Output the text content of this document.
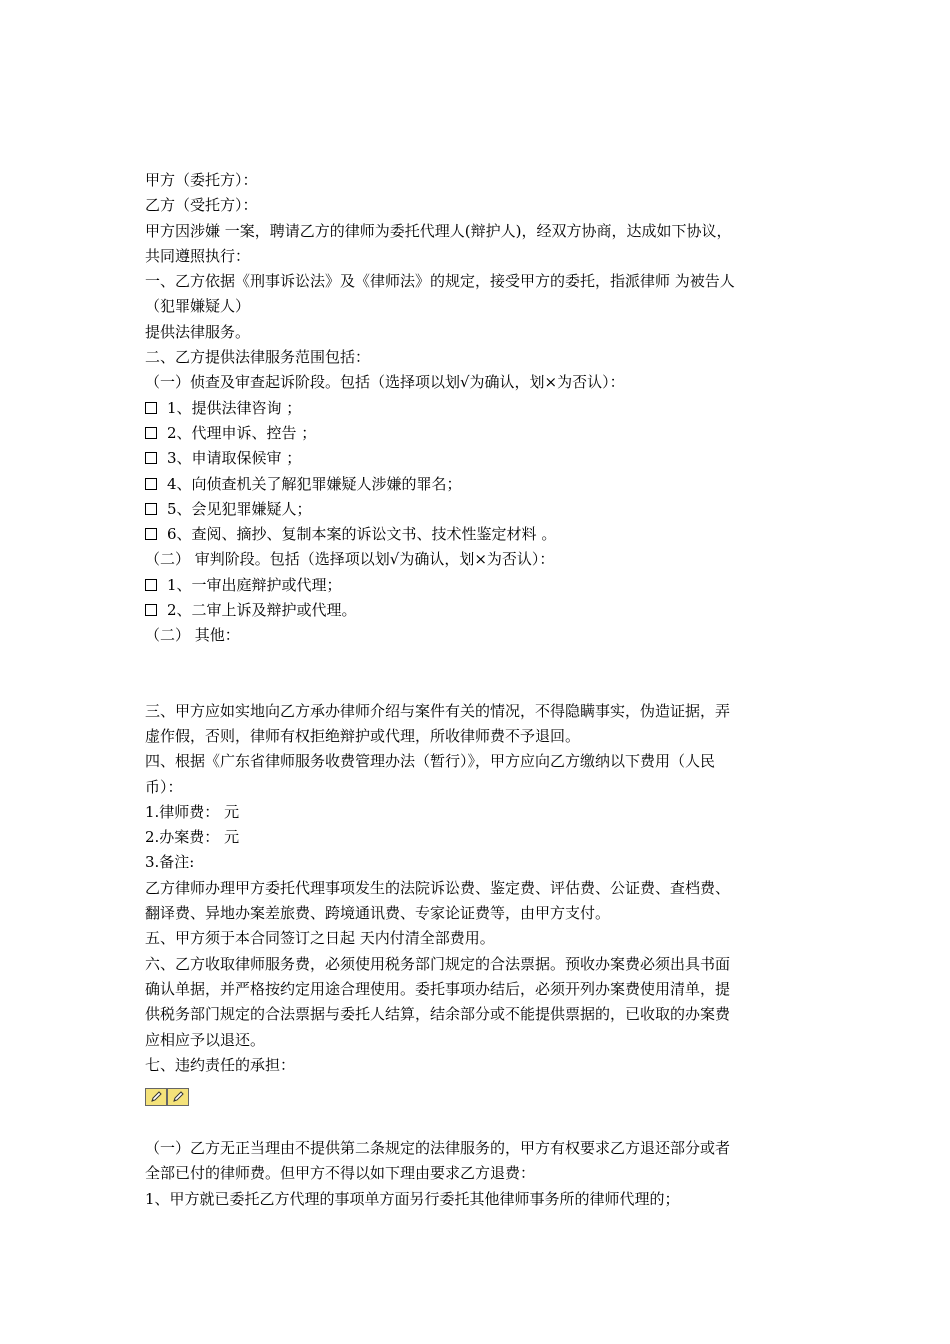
甲方（委托方）：
乙方（受托方）：
甲方因涉嫌 一案，聘请乙方的律师为委托代理人(辩护人)，经双方协商，达成如下协议，
共同遵照执行：
一、乙方依据《刑事诉讼法》及《律师法》的规定，接受甲方的委托，指派律师 为被告人
（犯罪嫌疑人）
提供法律服务。
二、乙方提供法律服务范围包括：
（一）侦查及审查起诉阶段。包括（选择项以划√为确认，划×为否认）：
1、提供法律咨询 ；
2、代理申诉、控告 ；
3、申请取保候审 ；
4、向侦查机关了解犯罪嫌疑人涉嫌的罪名；
5、会见犯罪嫌疑人；
6、查阅、摘抄、复制本案的诉讼文书、技术性鉴定材料 。
（二） 审判阶段。包括（选择项以划√为确认，划×为否认）：
1、一审出庭辩护或代理；
2、二审上诉及辩护或代理。
（二） 其他：
三、甲方应如实地向乙方承办律师介绍与案件有关的情况，不得隐瞒事实，伪造证据，弄
虚作假，否则，律师有权拒绝辩护或代理，所收律师费不予退回。
四、根据《广东省律师服务收费管理办法（暂行）》，甲方应向乙方缴纳以下费用（人民
币）：
1.律师费： 元
2.办案费： 元
3.备注:
乙方律师办理甲方委托代理事项发生的法院诉讼费、鉴定费、评估费、公证费、查档费、
翻译费、异地办案差旅费、跨境通讯费、专家论证费等，由甲方支付。
五、甲方须于本合同签订之日起 天内付清全部费用。
六、乙方收取律师服务费，必须使用税务部门规定的合法票据。预收办案费必须出具书面
确认单据，并严格按约定用途合理使用。委托事项办结后，必须开列办案费使用清单，提
供税务部门规定的合法票据与委托人结算，结余部分或不能提供票据的，已收取的办案费
应相应予以退还。
七、违约责任的承担：
（一）乙方无正当理由不提供第二条规定的法律服务的，甲方有权要求乙方退还部分或者
全部已付的律师费。但甲方不得以如下理由要求乙方退费：
1、甲方就已委托乙方代理的事项单方面另行委托其他律师事务所的律师代理的；
